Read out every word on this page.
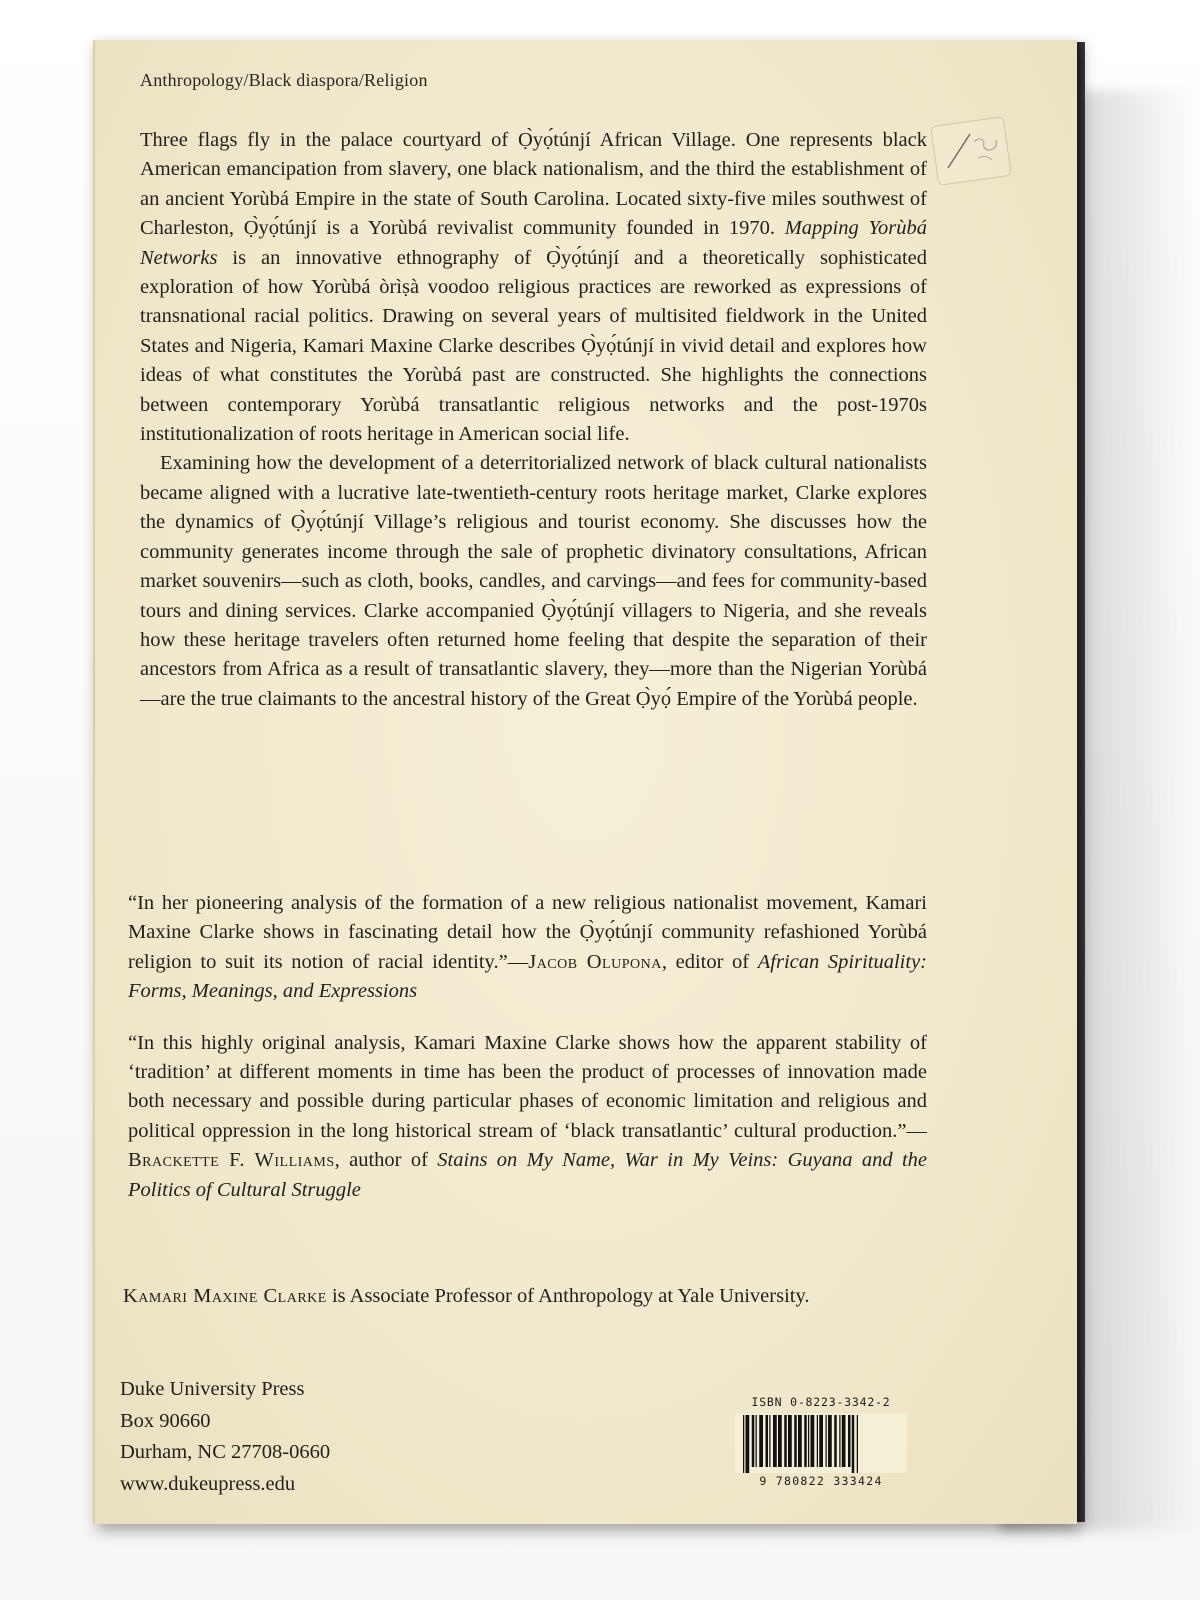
Anthropology/Black diaspora/Religion

Three flags fly in the palace courtyard of Ọ̀yọ́túnjí African Village. One represents black American emancipation from slavery, one black nationalism, and the third the establishment of an ancient Yorùbá Empire in the state of South Carolina. Located sixty-five miles southwest of Charleston, Ọ̀yọ́túnjí is a Yorùbá revivalist community founded in 1970. Mapping Yorùbá Networks is an innovative ethnography of Ọ̀yọ́túnjí and a theoretically sophisticated exploration of how Yorùbá òrìṣà voodoo religious practices are reworked as expressions of transnational racial politics. Drawing on several years of multisited fieldwork in the United States and Nigeria, Kamari Maxine Clarke describes Ọ̀yọ́túnjí in vivid detail and explores how ideas of what constitutes the Yorùbá past are constructed. She highlights the connections between contemporary Yorùbá transatlantic religious networks and the post-1970s institutionalization of roots heritage in American social life.

Examining how the development of a deterritorialized network of black cultural nationalists became aligned with a lucrative late-twentieth-century roots heritage market, Clarke explores the dynamics of Ọ̀yọ́túnjí Village’s religious and tourist economy. She discusses how the community generates income through the sale of prophetic divinatory consultations, African market souvenirs—such as cloth, books, candles, and carvings—and fees for community-based tours and dining services. Clarke accompanied Ọ̀yọ́túnjí villagers to Nigeria, and she reveals how these heritage travelers often returned home feeling that despite the separation of their ancestors from Africa as a result of transatlantic slavery, they—more than the Nigerian Yorùbá—are the true claimants to the ancestral history of the Great Ọ̀yọ́ Empire of the Yorùbá people.

“In her pioneering analysis of the formation of a new religious nationalist movement, Kamari Maxine Clarke shows in fascinating detail how the Ọ̀yọ́túnjí community refashioned Yorùbá religion to suit its notion of racial identity.”—Jacob Olupona, editor of African Spirituality: Forms, Meanings, and Expressions

“In this highly original analysis, Kamari Maxine Clarke shows how the apparent stability of ‘tradition’ at different moments in time has been the product of processes of innovation made both necessary and possible during particular phases of economic limitation and religious and political oppression in the long historical stream of ‘black transatlantic’ cultural production.”—Brackette F. Williams, author of Stains on My Name, War in My Veins: Guyana and the Politics of Cultural Struggle

Kamari Maxine Clarke is Associate Professor of Anthropology at Yale University.
Duke University Press
Box 90660
Durham, NC 27708-0660
www.dukeupress.edu
ISBN 0-8223-3342-2
9 780822 333424
